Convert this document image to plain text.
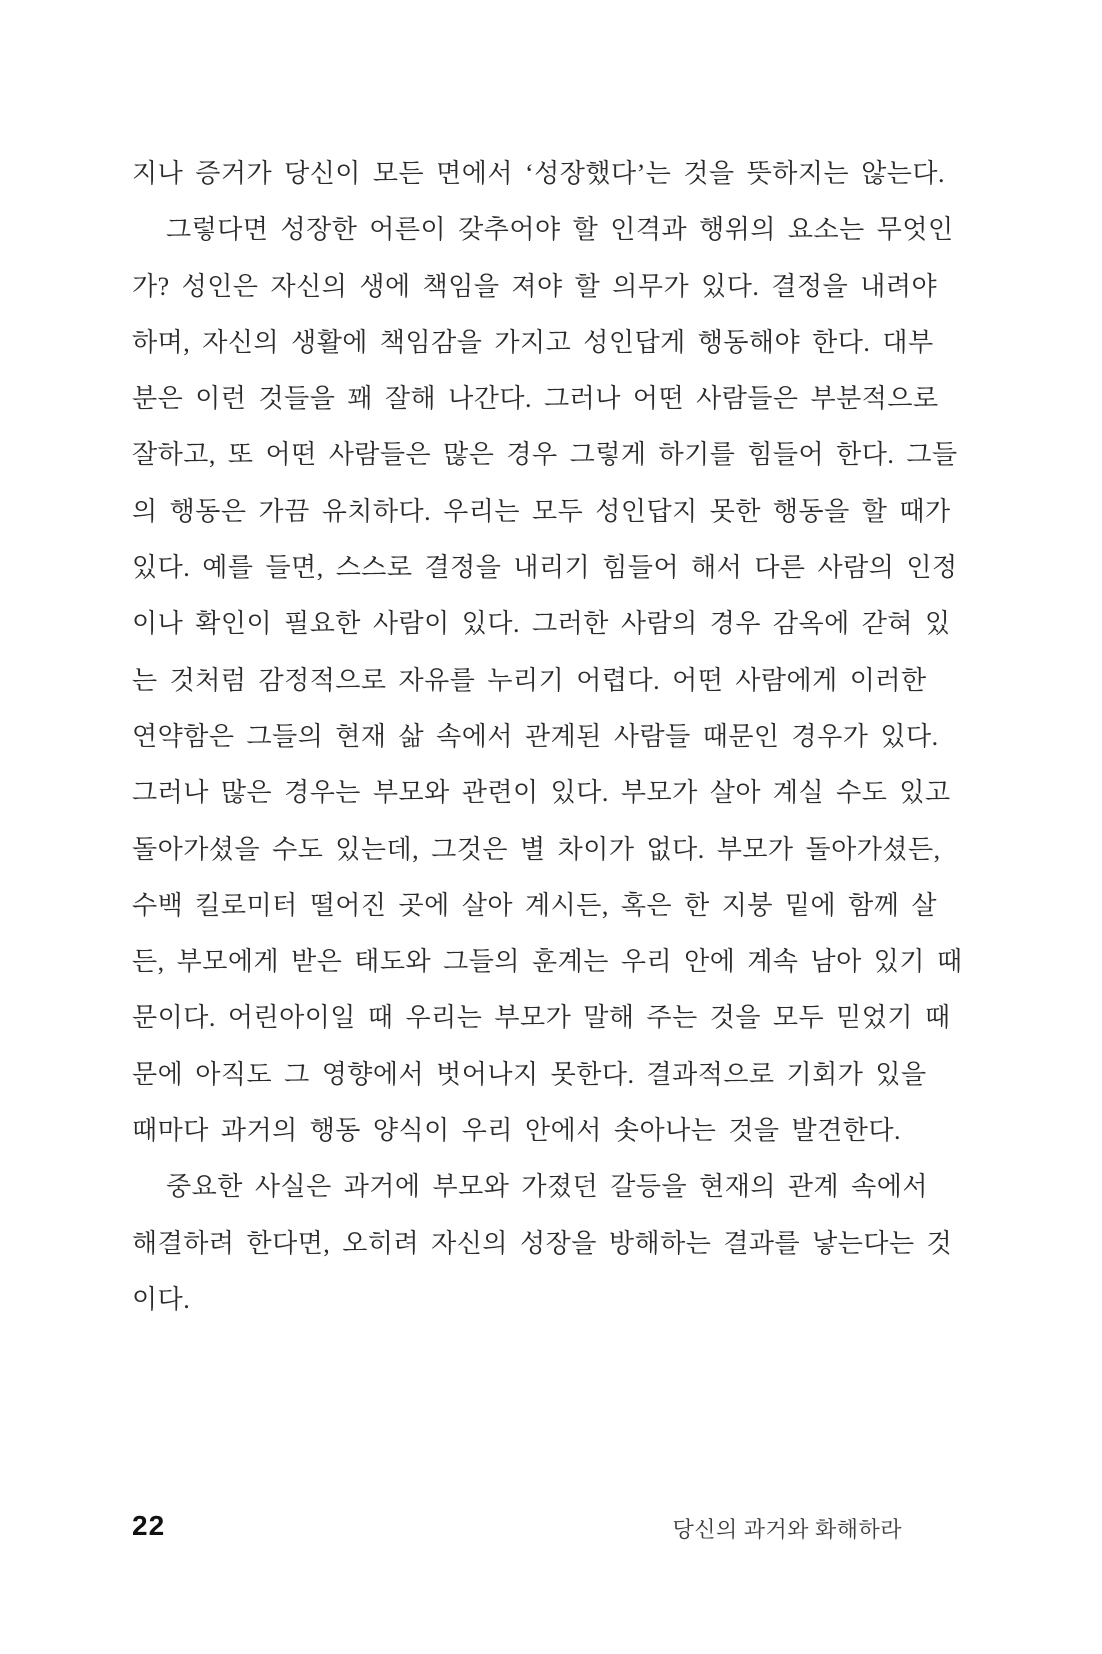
지나 증거가 당신이 모든 면에서 ‘성장했다’는 것을 뜻하지는 않는다.
그렇다면 성장한 어른이 갖추어야 할 인격과 행위의 요소는 무엇인
가? 성인은 자신의 생에 책임을 져야 할 의무가 있다. 결정을 내려야
하며, 자신의 생활에 책임감을 가지고 성인답게 행동해야 한다. 대부
분은 이런 것들을 꽤 잘해 나간다. 그러나 어떤 사람들은 부분적으로
잘하고, 또 어떤 사람들은 많은 경우 그렇게 하기를 힘들어 한다. 그들
의 행동은 가끔 유치하다. 우리는 모두 성인답지 못한 행동을 할 때가
있다. 예를 들면, 스스로 결정을 내리기 힘들어 해서 다른 사람의 인정
이나 확인이 필요한 사람이 있다. 그러한 사람의 경우 감옥에 갇혀 있
는 것처럼 감정적으로 자유를 누리기 어렵다. 어떤 사람에게 이러한
연약함은 그들의 현재 삶 속에서 관계된 사람들 때문인 경우가 있다.
그러나 많은 경우는 부모와 관련이 있다. 부모가 살아 계실 수도 있고
돌아가셨을 수도 있는데, 그것은 별 차이가 없다. 부모가 돌아가셨든,
수백 킬로미터 떨어진 곳에 살아 계시든, 혹은 한 지붕 밑에 함께 살
든, 부모에게 받은 태도와 그들의 훈계는 우리 안에 계속 남아 있기 때
문이다. 어린아이일 때 우리는 부모가 말해 주는 것을 모두 믿었기 때
문에 아직도 그 영향에서 벗어나지 못한다. 결과적으로 기회가 있을
때마다 과거의 행동 양식이 우리 안에서 솟아나는 것을 발견한다.
중요한 사실은 과거에 부모와 가졌던 갈등을 현재의 관계 속에서
해결하려 한다면, 오히려 자신의 성장을 방해하는 결과를 낳는다는 것
이다.
22	당신의 과거와 화해하라
